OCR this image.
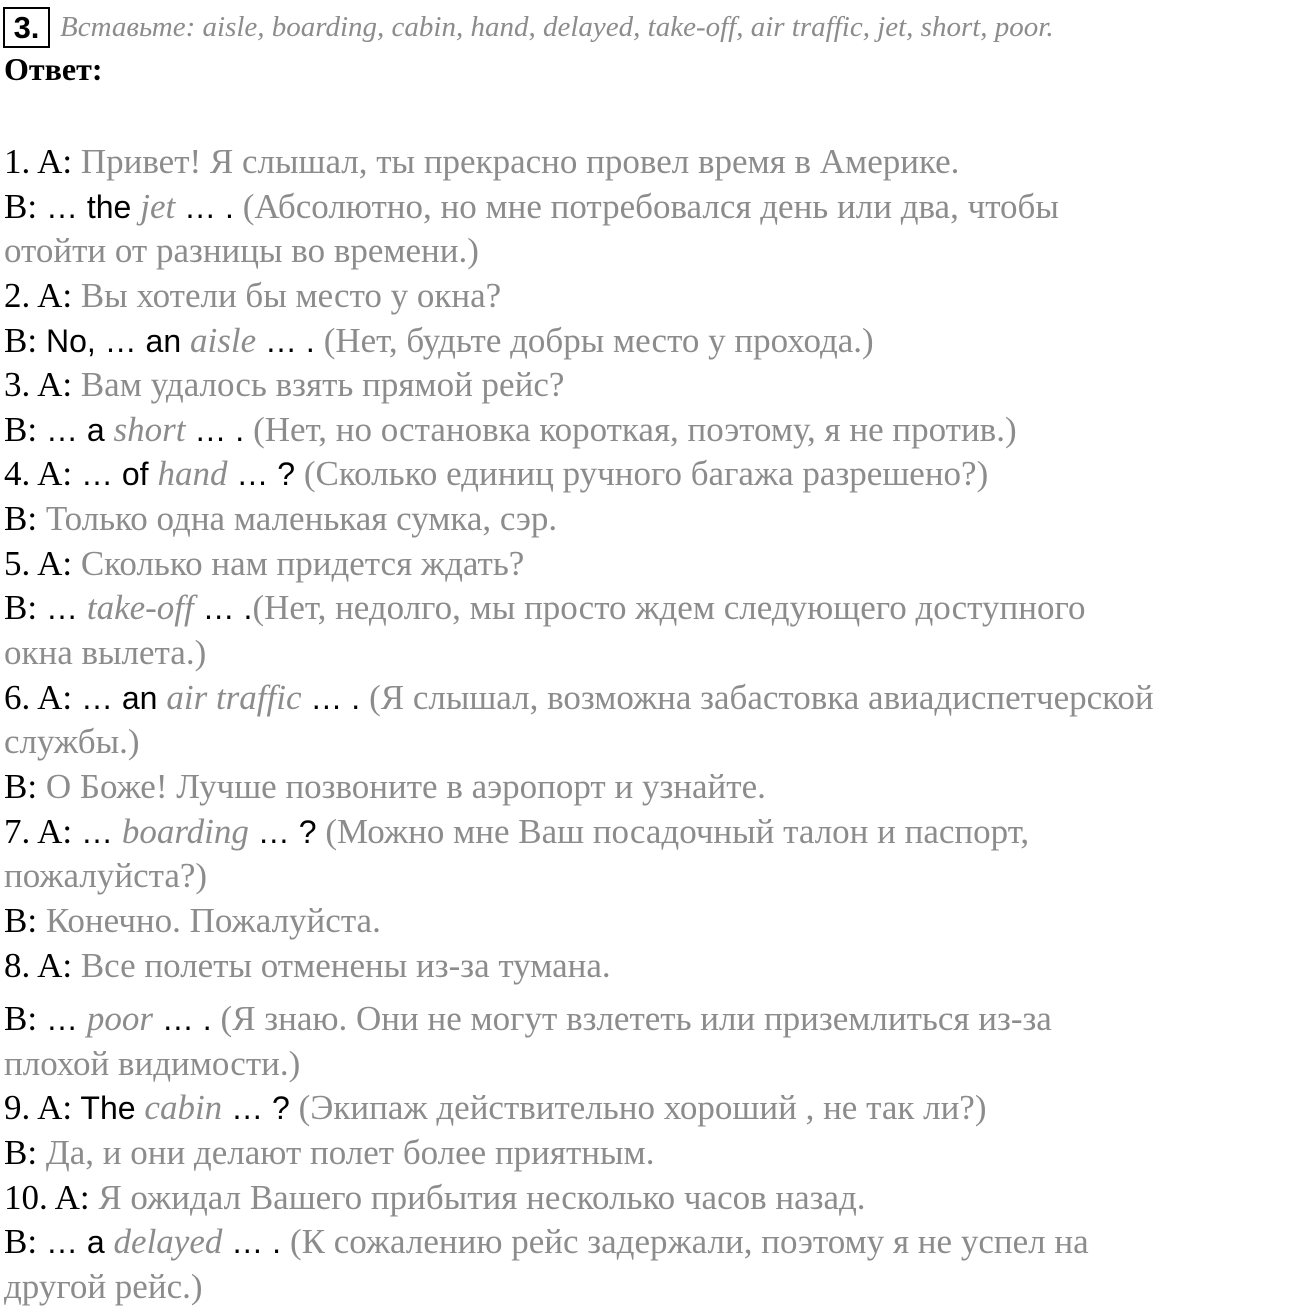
3. Вставьте: aisle, boarding, cabin, hand, delayed, take-off, air traffic, jet, short, poor.
Ответ:
1. A: Привет! Я слышал, ты прекрасно провел время в Америке.
B: … the jet … . (Абсолютно, но мне потребовался день или два, чтобы
отойти от разницы во времени.)
2. A: Вы хотели бы место у окна?
B: No, … an aisle … . (Нет, будьте добры место у прохода.)
3. A: Вам удалось взять прямой рейс?
B: … a short … . (Нет, но остановка короткая, поэтому, я не против.)
4. A: … of hand … ? (Сколько единиц ручного багажа разрешено?)
B: Только одна маленькая сумка, сэр.
5. A: Сколько нам придется ждать?
B: … take-off … .(Нет, недолго, мы просто ждем следующего доступного
окна вылета.)
6. A: … an air traffic … . (Я слышал, возможна забастовка авиадиспетчерской
службы.)
B: О Боже! Лучше позвоните в аэропорт и узнайте.
7. A: … boarding … ? (Можно мне Ваш посадочный талон и паспорт,
пожалуйста?)
B: Конечно. Пожалуйста.
8. A: Все полеты отменены из-за тумана.
B: … poor … . (Я знаю. Они не могут взлететь или приземлиться из-за
плохой видимости.)
9. A: The cabin … ? (Экипаж действительно хороший , не так ли?)
B: Да, и они делают полет более приятным.
10. A: Я ожидал Вашего прибытия несколько часов назад.
B: … a delayed … . (К сожалению рейс задержали, поэтому я не успел на
другой рейс.)
